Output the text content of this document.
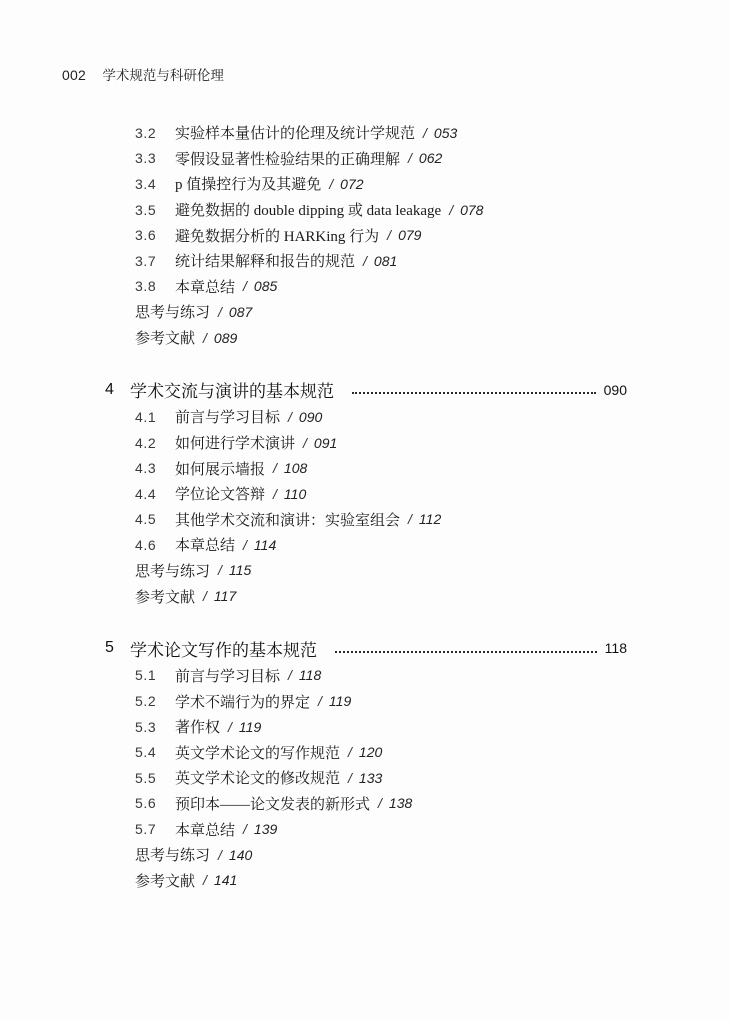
002 学术规范与科研伦理
3.2	实验样本量估计的伦理及统计学规范 / 053
3.3	零假设显著性检验结果的正确理解 / 062
3.4	p 值操控行为及其避免 / 072
3.5	避免数据的 double dipping 或 data leakage / 078
3.6	避免数据分析的 HARKing 行为 / 079
3.7	统计结果解释和报告的规范 / 081
3.8	本章总结 / 085
思考与练习 / 087
参考文献 / 089
4 学术交流与演讲的基本规范	090
4.1	前言与学习目标 / 090
4.2	如何进行学术演讲 / 091
4.3	如何展示墙报 / 108
4.4	学位论文答辩 / 110
4.5	其他学术交流和演讲：实验室组会 / 112
4.6	本章总结 / 114
思考与练习 / 115
参考文献 / 117
5 学术论文写作的基本规范	118
5.1	前言与学习目标 / 118
5.2	学术不端行为的界定 / 119
5.3	著作权 / 119
5.4	英文学术论文的写作规范 / 120
5.5	英文学术论文的修改规范 / 133
5.6	预印本——论文发表的新形式 / 138
5.7	本章总结 / 139
思考与练习 / 140
参考文献 / 141
